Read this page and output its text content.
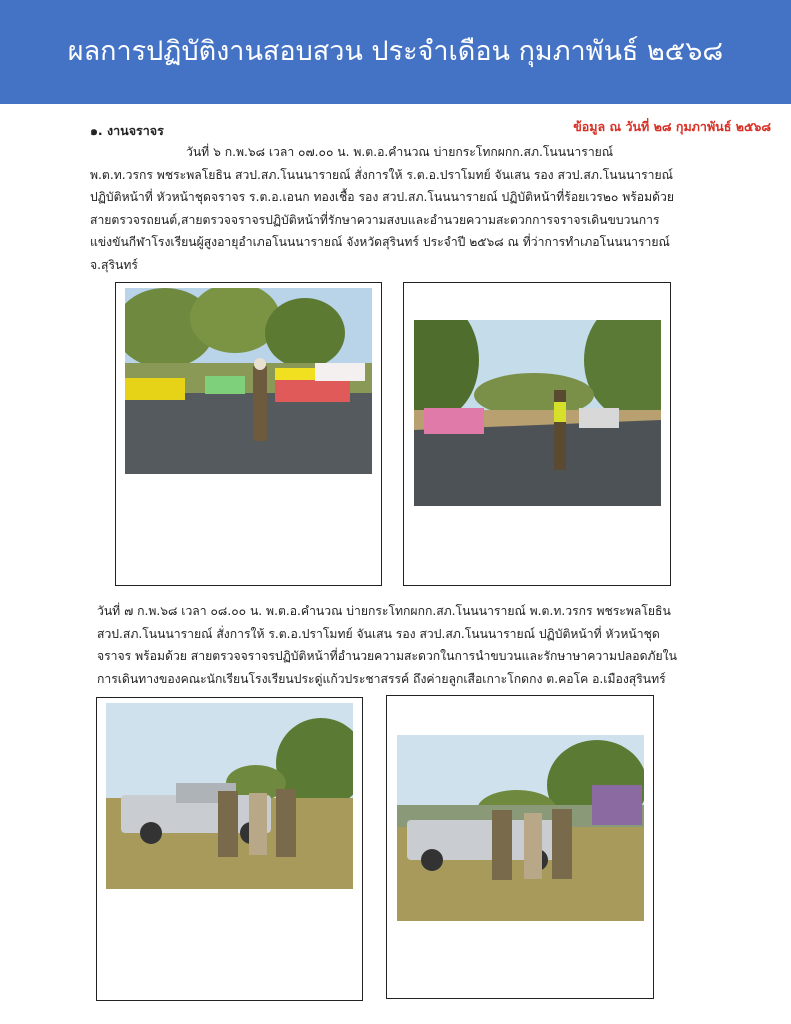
ผลการปฏิบัติงานสอบสวน ประจำเดือน กุมภาพันธ์ ๒๕๖๘
๑. งานจราจร	ข้อมูล ณ วันที่ ๒๘ กุมภาพันธ์ ๒๕๖๘
วันที่ ๖ ก.พ.๖๘ เวลา ๐๗.๐๐ น. พ.ต.อ.คำนวณ บ่ายกระโทกผกก.สภ.โนนนารายณ์
พ.ต.ท.วรกร พชระพลโยธิน สวป.สภ.โนนนารายณ์ สั่งการให้ ร.ต.อ.ปราโมทย์ จันเสน รอง สวป.สภ.โนนนารายณ์
ปฏิบัติหน้าที่ หัวหน้าชุดจราจร ร.ต.อ.เอนก ทองเชื้อ รอง สวป.สภ.โนนนารายณ์ ปฏิบัติหน้าที่ร้อยเวร๒๐ พร้อมด้วย
สายตรวจรถยนต์,สายตรวจจราจรปฏิบัติหน้าที่รักษาความสงบและอำนวยความสะดวกการจราจรเดินขบวนการ
แข่งขันกีฬาโรงเรียนผู้สูงอายุอำเภอโนนนารายณ์ จังหวัดสุรินทร์ ประจำปี ๒๕๖๘ ณ ที่ว่าการทำเภอโนนนารายณ์
จ.สุรินทร์
วันที่ ๗ ก.พ.๖๘ เวลา ๐๘.๐๐ น. พ.ต.อ.คำนวณ บ่ายกระโทกผกก.สภ.โนนนารายณ์ พ.ต.ท.วรกร พชระพลโยธิน
สวป.สภ.โนนนารายณ์ สั่งการให้ ร.ต.อ.ปราโมทย์ จันเสน รอง สวป.สภ.โนนนารายณ์ ปฏิบัติหน้าที่ หัวหน้าชุด
จราจร พร้อมด้วย สายตรวจจราจรปฏิบัติหน้าที่อำนวยความสะดวกในการนำขบวนและรักษาษาความปลอดภัยใน
การเดินทางของคณะนักเรียนโรงเรียนประดู่แก้วประชาสรรค์ ถึงค่ายลูกเสือเกาะโกดกง ต.คอโค อ.เมืองสุรินทร์
